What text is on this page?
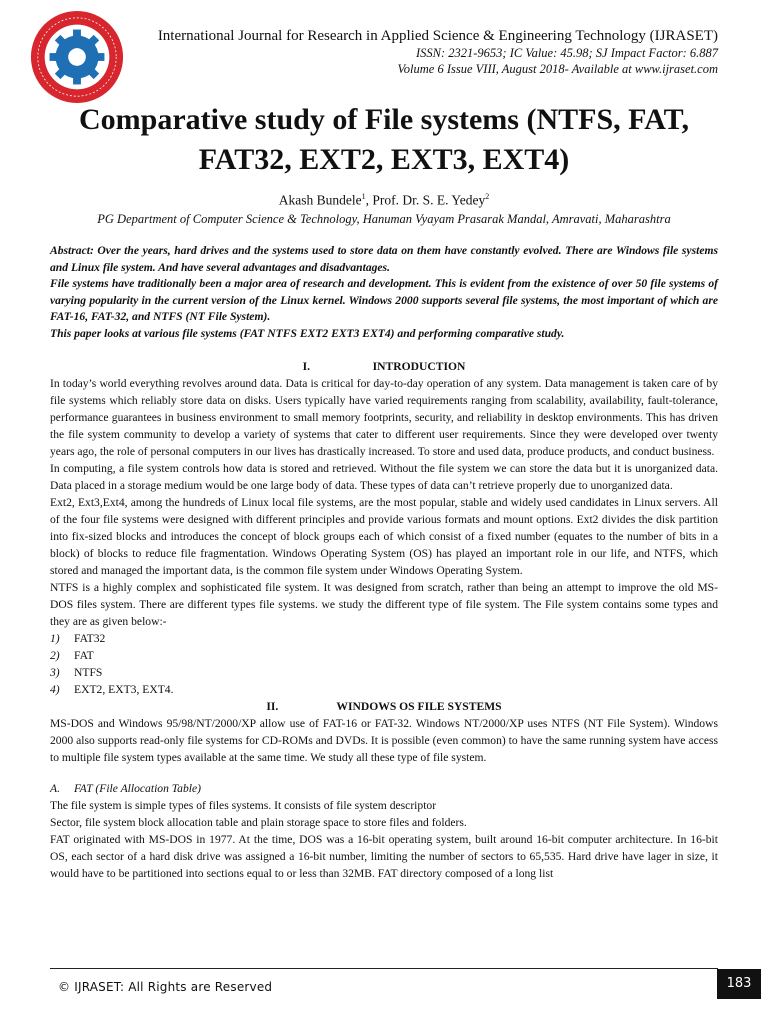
International Journal for Research in Applied Science & Engineering Technology (IJRASET)
ISSN: 2321-9653; IC Value: 45.98; SJ Impact Factor: 6.887
Volume 6 Issue VIII, August 2018- Available at www.ijraset.com
Comparative study of File systems (NTFS, FAT,
FAT32, EXT2, EXT3, EXT4)
Akash Bundele$^1$, Prof. Dr. S. E. Yedey$^2$
PG Department of Computer Science & Technology, Hanuman Vyayam Prasarak Mandal, Amravati, Maharashtra

Abstract: Over the years, hard drives and the systems used to store data on them have constantly evolved. There are Windows file systems and Linux file system. And have several advantages and disadvantages.

File systems have traditionally been a major area of research and development. This is evident from the existence of over 50 file systems of varying popularity in the current version of the Linux kernel. Windows 2000 supports several file systems, the most important of which are FAT-16, FAT-32, and NTFS (NT File System).

This paper looks at various file systems (FAT NTFS EXT2 EXT3 EXT4) and performing comparative study.

I.	INTRODUCTION

In today’s world everything revolves around data. Data is critical for day-to-day operation of any system. Data management is taken care of by file systems which reliably store data on disks. Users typically have varied requirements ranging from scalability, availability, fault-tolerance, performance guarantees in business environment to small memory footprints, security, and reliability in desktop environments. This has driven the file system community to develop a variety of systems that cater to different user requirements. Since they were developed over twenty years ago, the role of personal computers in our lives has drastically increased. To store and used data, produce products, and conduct business.

In computing, a file system controls how data is stored and retrieved. Without the file system we can store the data but it is unorganized data. Data placed in a storage medium would be one large body of data. These types of data can’t retrieve properly due to unorganized data.

Ext2, Ext3,Ext4, among the hundreds of Linux local file systems, are the most popular, stable and widely used candidates in Linux servers. All of the four file systems were designed with different principles and provide various formats and mount options. Ext2 divides the disk partition into fix-sized blocks and introduces the concept of block groups each of which consist of a fixed number (equates to the number of bits in a block) of blocks to reduce file fragmentation. Windows Operating System (OS) has played an important role in our life, and NTFS, which stored and managed the important data, is the common file system under Windows Operating System.

NTFS is a highly complex and sophisticated file system. It was designed from scratch, rather than being an attempt to improve the old MS-DOS files system. There are different types file systems. we study the different type of file system. The File system contains some types and they are as given below:-

1)	FAT32
2)	FAT
3)	NTFS
4)	EXT2, EXT3, EXT4.

II.	WINDOWS OS FILE SYSTEMS

MS-DOS and Windows 95/98/NT/2000/XP allow use of FAT-16 or FAT-32. Windows NT/2000/XP uses NTFS (NT File System). Windows 2000 also supports read-only file systems for CD-ROMs and DVDs. It is possible (even common) to have the same running system have access to multiple file system types available at the same time. We study all these type of file system.

A. FAT (File Allocation Table)

The file system is simple types of files systems. It consists of file system descriptor

Sector, file system block allocation table and plain storage space to store files and folders.

FAT originated with MS-DOS in 1977. At the time, DOS was a 16-bit operating system, built around 16-bit computer architecture. In 16-bit OS, each sector of a hard disk drive was assigned a 16-bit number, limiting the number of sectors to 65,535. Hard drive have lager in size, it would have to be partitioned into sections equal to or less than 32MB. FAT directory composed of a long list

© IJRASET: All Rights are Reserved	183
